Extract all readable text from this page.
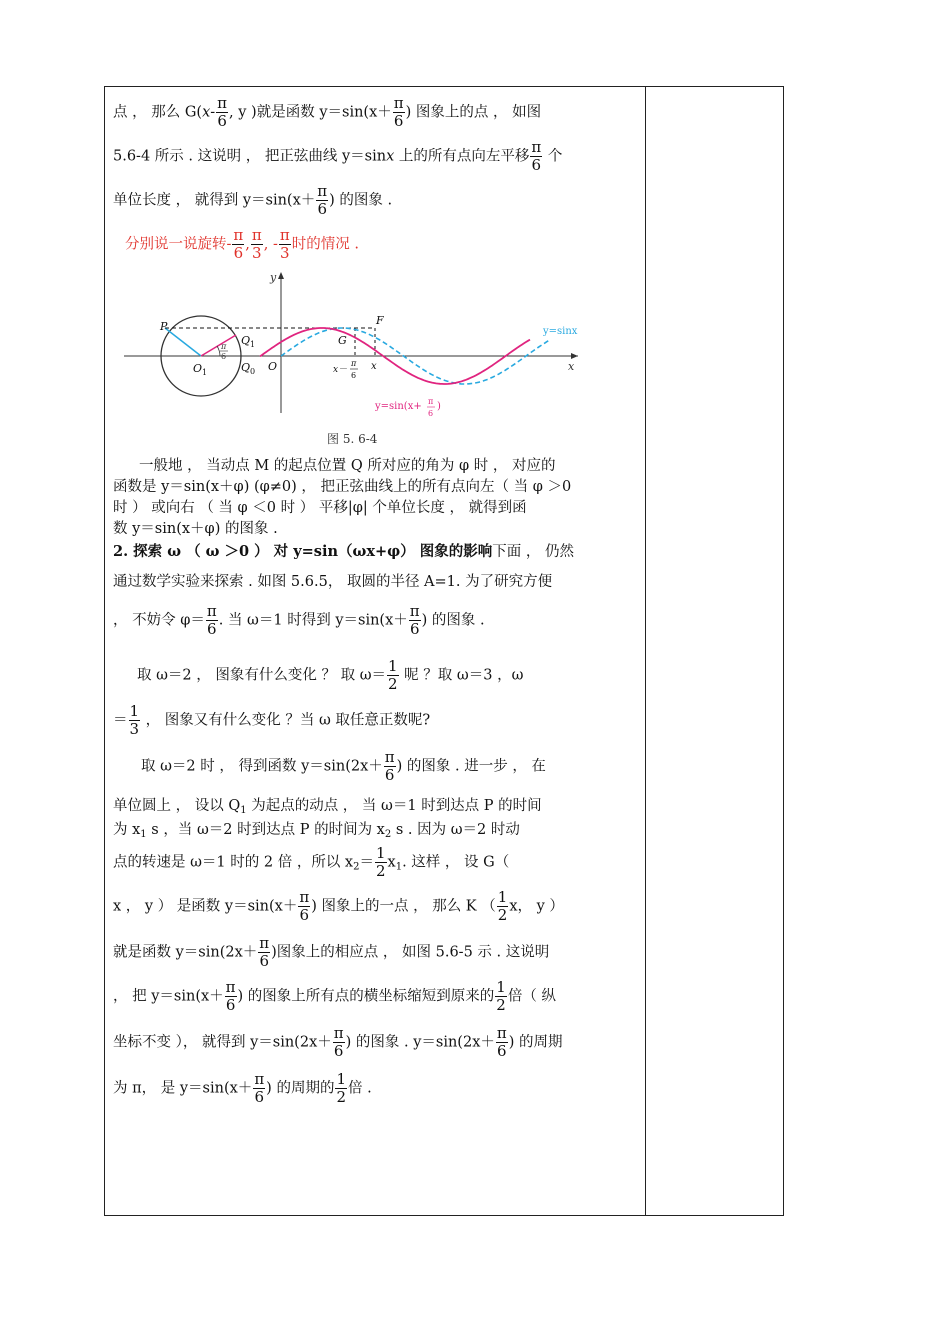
点 ， 那么 $G(x- \frac{\pi}{6}$ , y )就是函数 $y=\sin(x+ \frac{\pi}{6}$ ) 图象上的点 ， 如图
5.6-4 所示 . 这说明 ， 把正弦曲线 y＝sinx 上的所有点向左平移 $\frac{\pi}{6}$ 个
单位长度 ， 就得到 $y=\sin(x+ \frac{\pi}{6}$ ) 的图象 .
分别说一说旋转- $\frac{\pi}{6}$ , $\frac{\pi}{3}$ , - $\frac{\pi}{3}$ 时的情况 .
y
x
π
6
P	F
G
$Q_1$
$Q_0$ O
$O_1$
x
x－
π
6
y=sinx
y=sin(x+ π
6
)
图 5. 6-4
一般地 ， 当动点 M 的起点位置 Q 所对应的角为 φ 时 ， 对应的
函数是 y＝sin(x＋φ) (φ≠0) ， 把正弦曲线上的所有点向左（ 当 φ ＞0
时 ） 或向右 （ 当 φ ＜0 时 ） 平移|φ| 个单位长度 ， 就得到函
数 y＝sin(x＋φ) 的图象 .
2. 探索 ω （ ω ＞0 ） 对 y=sin（ωx+φ） 图象的影响下面 ， 仍然
通过数学实验来探索 . 如图 5.6.5， 取圆的半径 A=1. 为了研究方便
， 不妨令 $\varphi= \frac{\pi}{6}$ . 当 ω＝1 时得到 $y=\sin(x+ \frac{\pi}{6}$ ) 的图象 .
取 ω＝2 ， 图象有什么变化 ？ 取 $\omega= \frac{1}{2}$ 呢 ？取 ω＝3 ，ω
＝ $\frac{1}{3}$ ， 图象又有什么变化 ？当 ω 取任意正数呢?
取 ω＝2 时 ， 得到函数 $y=\sin(2x+ \frac{\pi}{6}$ ) 的图象 . 进一步 ， 在
单位圆上 ， 设以 $Q_1$ 为起点的动点 ， 当 ω＝1 时到达点 P 的时间
为 $x_1$ s ，当 ω＝2 时到达点 P 的时间为 $x_2$ s . 因为 ω＝2 时动
点的转速是 ω＝1 时的 2 倍 ，所以 $x_2= \frac{1}{2} x_1$. 这样 ， 设 G（
x ， y ） 是函数 $y=\sin(x+ \frac{\pi}{6}$ ) 图象上的一点 ， 那么 K （ $\frac{1}{2}$ x， y ）
就是函数 $y=\sin(2x+ \frac{\pi}{6}$ )图象上的相应点 ， 如图 5.6-5 示 . 这说明
， 把 $y=\sin(x+ \frac{\pi}{6}$ ) 的图象上所有点的横坐标缩短到原来的 $\frac{1}{2}$ 倍（ 纵
坐标不变 ）， 就得到 $y=\sin(2x+ \frac{\pi}{6}$ ) 的图象 . $y=\sin(2x+ \frac{\pi}{6}$ ) 的周期
为 π， 是 $y=\sin(x+ \frac{\pi}{6}$ ) 的周期的 $\frac{1}{2}$ 倍 .
